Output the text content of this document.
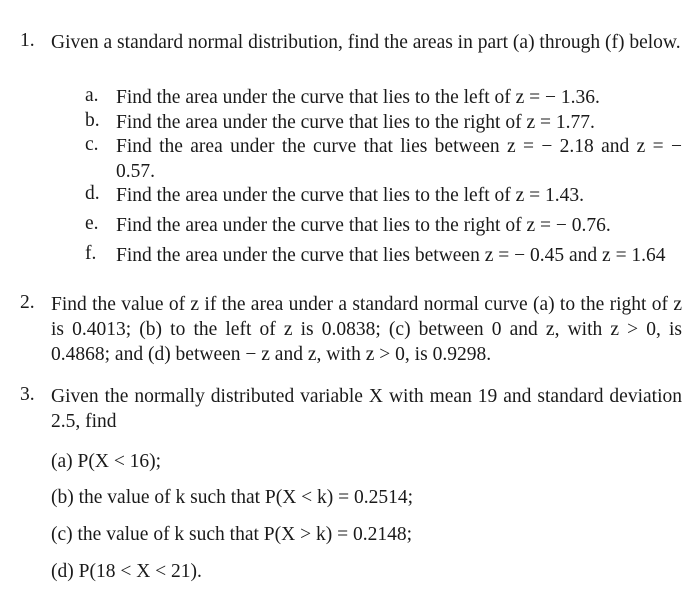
1. Given a standard normal distribution, find the areas in part (a) through (f) below.
a. Find the area under the curve that lies to the left of z = − 1.36.
b. Find the area under the curve that lies to the right of z = 1.77.
c. Find the area under the curve that lies between z = − 2.18 and z = − 0.57.
d. Find the area under the curve that lies to the left of z = 1.43.
e. Find the area under the curve that lies to the right of z = − 0.76.
f. Find the area under the curve that lies between z = − 0.45 and z = 1.64
2. Find the value of z if the area under a standard normal curve (a) to the right of z is 0.4013; (b) to the left of z is 0.0838; (c) between 0 and z, with z > 0, is 0.4868; and (d) between − z and z, with z > 0, is 0.9298.
3. Given the normally distributed variable X with mean 19 and standard deviation 2.5, find
(a) P(X < 16);
(b) the value of k such that P(X < k) = 0.2514;
(c) the value of k such that P(X > k) = 0.2148;
(d) P(18 < X < 21).
